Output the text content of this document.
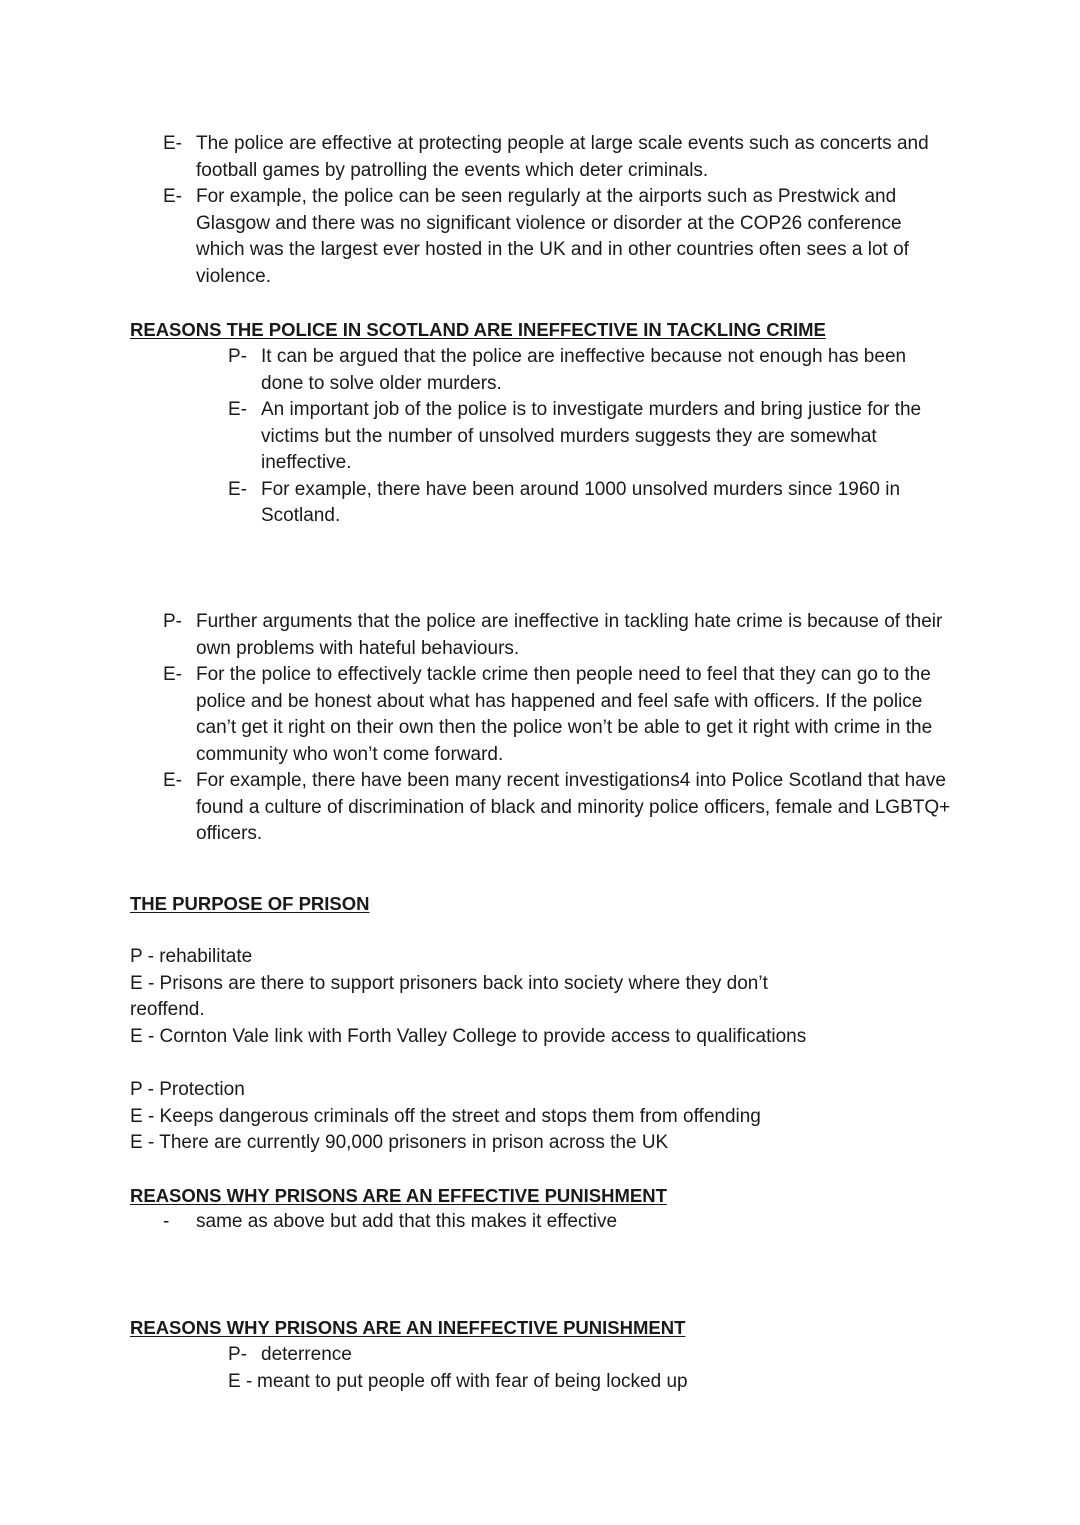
E- The police are effective at protecting people at large scale events such as concerts and football games by patrolling the events which deter criminals.
E- For example, the police can be seen regularly at the airports such as Prestwick and Glasgow and there was no significant violence or disorder at the COP26 conference which was the largest ever hosted in the UK and in other countries often sees a lot of violence.
REASONS THE POLICE IN SCOTLAND ARE INEFFECTIVE IN TACKLING CRIME
P- It can be argued that the police are ineffective because not enough has been done to solve older murders.
E- An important job of the police is to investigate murders and bring justice for the victims but the number of unsolved murders suggests they are somewhat ineffective.
E- For example, there have been around 1000 unsolved murders since 1960 in Scotland.
P- Further arguments that the police are ineffective in tackling hate crime is because of their own problems with hateful behaviours.
E- For the police to effectively tackle crime then people need to feel that they can go to the police and be honest about what has happened and feel safe with officers. If the police can’t get it right on their own then the police won’t be able to get it right with crime in the community who won’t come forward.
E- For example, there have been many recent investigations4 into Police Scotland that have found a culture of discrimination of black and minority police officers, female and LGBTQ+ officers.
THE PURPOSE OF PRISON

P - rehabilitate

E - Prisons are there to support prisoners back into society where they don’t reoffend.

E - Cornton Vale link with Forth Valley College to provide access to qualifications

P - Protection

E - Keeps dangerous criminals off the street and stops them from offending

E - There are currently 90,000 prisoners in prison across the UK

REASONS WHY PRISONS ARE AN EFFECTIVE PUNISHMENT
-	same as above but add that this makes it effective
REASONS WHY PRISONS ARE AN INEFFECTIVE PUNISHMENT
P- deterrence
E - meant to put people off with fear of being locked up
